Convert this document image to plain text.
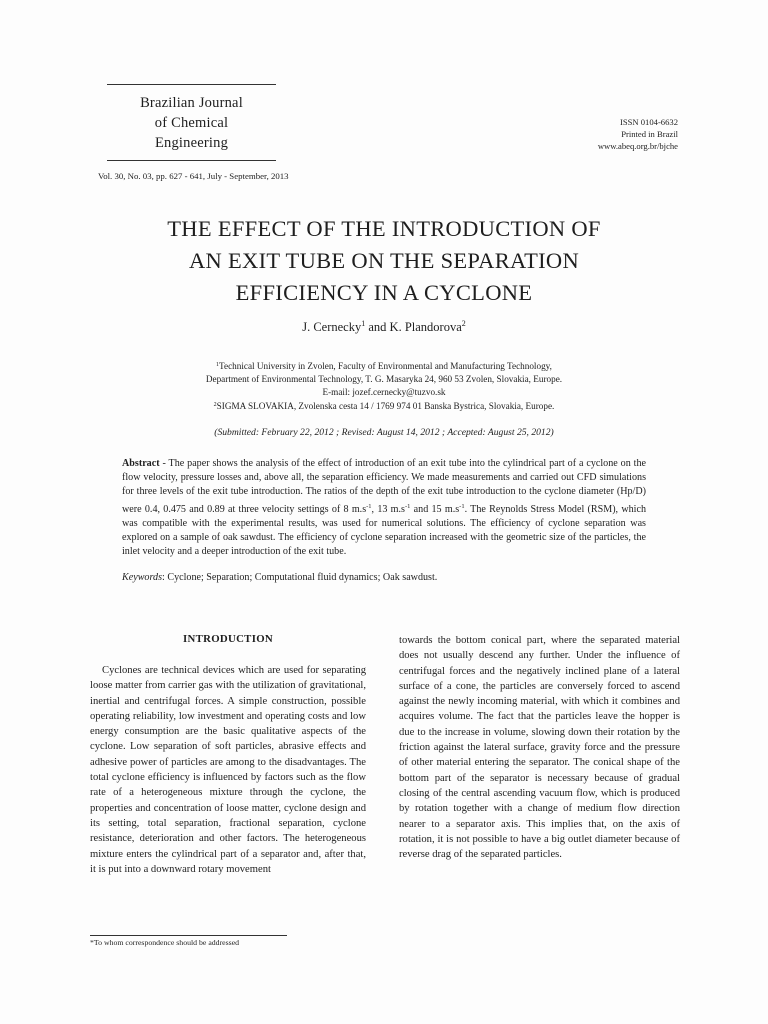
Brazilian Journal
of Chemical
Engineering
ISSN 0104-6632
Printed in Brazil
www.abeq.org.br/bjche
Vol. 30, No. 03, pp. 627 - 641, July - September, 2013
THE EFFECT OF THE INTRODUCTION OF
AN EXIT TUBE ON THE SEPARATION
EFFICIENCY IN A CYCLONE
J. Cernecky$^1$ and K. Plandorova$^2$
$^1$Technical University in Zvolen, Faculty of Environmental and Manufacturing Technology,
Department of Environmental Technology, T. G. Masaryka 24, 960 53 Zvolen, Slovakia, Europe.
E-mail: jozef.cernecky@tuzvo.sk
$^2$SIGMA SLOVAKIA, Zvolenska cesta 14 / 1769 974 01 Banska Bystrica, Slovakia, Europe.
(Submitted: February 22, 2012 ; Revised: August 14, 2012 ; Accepted: August 25, 2012)
Abstract - The paper shows the analysis of the effect of introduction of an exit tube into the cylindrical part of a cyclone on the flow velocity, pressure losses and, above all, the separation efficiency. We made measurements and carried out CFD simulations for three levels of the exit tube introduction. The ratios of the depth of the exit tube introduction to the cyclone diameter (Hp/D) were 0.4, 0.475 and 0.89 at three velocity settings of 8 $m.s^{-1}$, 13 $m.s^{-1}$ and 15 $m.s^{-1}$. The Reynolds Stress Model (RSM), which was compatible with the experimental results, was used for numerical solutions. The efficiency of cyclone separation was explored on a sample of oak sawdust. The efficiency of cyclone separation increased with the geometric size of the particles, the inlet velocity and a deeper introduction of the exit tube.
Keywords: Cyclone; Separation; Computational fluid dynamics; Oak sawdust.
INTRODUCTION

Cyclones are technical devices which are used for separating loose matter from carrier gas with the utilization of gravitational, inertial and centrifugal forces. A simple construction, possible operating reliability, low investment and operating costs and low energy consumption are the basic qualitative aspects of the cyclone. Low separation of soft particles, abrasive effects and adhesive power of particles are among to the disadvantages. The total cyclone efficiency is influenced by factors such as the flow rate of a heterogeneous mixture through the cyclone, the properties and concentration of loose matter, cyclone design and its setting, total separation, fractional separation, cyclone resistance, deterioration and other factors. The heterogeneous mixture enters the cylindrical part of a separator and, after that, it is put into a downward rotary movement

towards the bottom conical part, where the separated material does not usually descend any further. Under the influence of centrifugal forces and the negatively inclined plane of a lateral surface of a cone, the particles are conversely forced to ascend against the newly incoming material, with which it combines and acquires volume. The fact that the particles leave the hopper is due to the increase in volume, slowing down their rotation by the friction against the lateral surface, gravity force and the pressure of other material entering the separator. The conical shape of the bottom part of the separator is necessary because of gradual closing of the central ascending vacuum flow, which is produced by rotation together with a change of medium flow direction nearer to a separator axis. This implies that, on the axis of rotation, it is not possible to have a big outlet diameter because of reverse drag of the separated particles.

*To whom correspondence should be addressed
